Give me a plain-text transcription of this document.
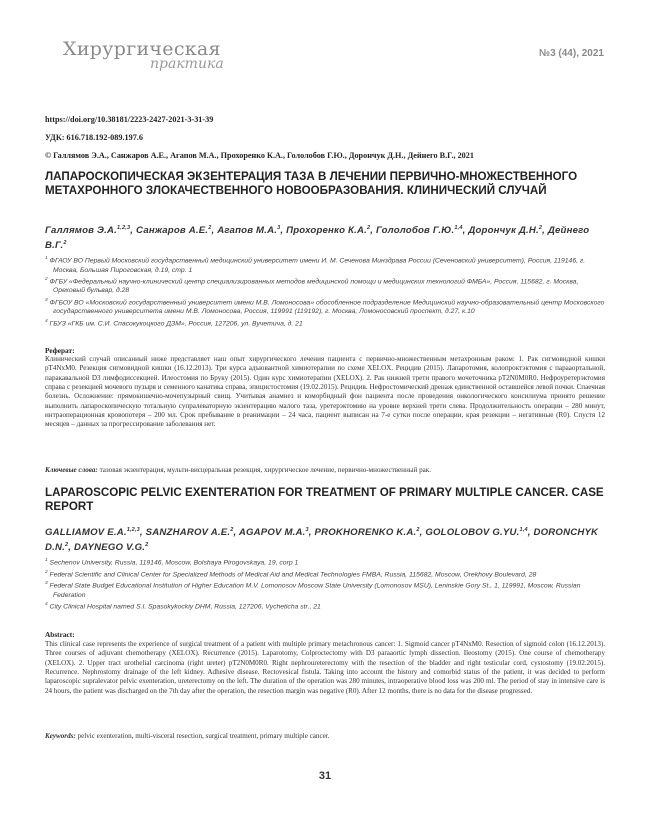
Хирургическая
практика
№3 (44), 2021
https://doi.org/10.38181/2223-2427-2021-3-31-39
УДК: 616.718.192-089.197.6
© Галлямов Э.А., Санжаров А.Е., Агапов М.А., Прохоренко К.А., Гололобов Г.Ю., Дорончук Д.Н., Дейнего В.Г., 2021
ЛАПАРОСКОПИЧЕСКАЯ ЭКЗЕНТЕРАЦИЯ ТАЗА В ЛЕЧЕНИИ ПЕРВИЧНО-МНОЖЕСТВЕННОГО МЕТАХРОННОГО ЗЛОКАЧЕСТВЕННОГО НОВООБРАЗОВАНИЯ. КЛИНИЧЕСКИЙ СЛУЧАЙ
Галлямов Э.А.$^{1,2,3}$, Санжаров А.Е.$^2$, Агапов М.А.$^3$, Прохоренко К.А.$^2$, Гололобов Г.Ю.$^{1,4}$, Дорончук Д.Н.$^2$, Дейнего В.Г.$^2$

$^1$ ФГАОУ ВО Первый Московский государственный медицинский университет имени И. М. Сеченова Минздрава России (Сеченовский университет), Россия, 119146, г. Москва, Большая Пироговская, д.19, стр. 1

$^2$ ФГБУ «Федеральный научно-клинический центр специализированных методов медицинской помощи и медицинских технологий ФМБА», Россия, 115682, г. Москва, Ореховый бульвар, д.28

$^3$ ФГБОУ ВО «Московский государственный университет имени М.В. Ломоносова» обособленное подразделение Медицинский научно-образовательный центр Московского государственного университета имени М.В. Ломоносова, Россия, 119991 (119192), г. Москва, Ломоносовский проспект, д.27, к.10

$^4$ ГБУЗ «ГКБ им. С.И. Спасокукоцкого ДЗМ», Россия, 127206, ул. Вучетича, д. 21

Реферат:
Клинический случай описанный ниже представляет наш опыт хирургического лечения пациента с первично-множественным метахронным раком: 1. Рак сигмовидной кишки pT4NxM0. Резекция сигмовидной кишки (16.12.2013). Три курса адъювантной химиотерапии по схеме XELOX. Рецидив (2015). Лапаротомия, колопроктэктомия с парааортальной, паракавальной D3 лимфодиссекцией. Илеостомия по Бруку (2015). Один курс химиотерапии (XELOX). 2. Рак нижней трети правого мочеточника pT2N0M0R0. Нефроуретерэктомия справа с резекцией мочевого пузыря и семенного канатика справа, эпицистостомия (19.02.2015). Рецидив. Нефростомический дренаж единственной оставшейся левой почки. Спаечная болезнь. Осложнение: прямокишечно-мочепузырный свищ. Учитывая анамнез и коморбидный фон пациента после проведения онкологического консилиума принято решение выполнить лапароскопическую тотальную супралеваторную экзентерацию малого таза, уретерэктомию на уровне верхней трети слева. Продолжительность операции – 280 минут, интраоперационная кровопотеря – 200 мл. Срок пребывание в реанимации – 24 часа, пациент выписан на 7-е сутки после операции, края резекции – негативные (R0). Спустя 12 месяцев – данных за прогрессирование заболевания нет.
Ключевые слова: тазовая экзентерация, мульти-висцеральная резекция, хирургическое лечение, первично-множественный рак.
LAPAROSCOPIC PELVIC EXENTERATION FOR TREATMENT OF PRIMARY MULTIPLE CANCER. CASE REPORT
GALLIAMOV E.A.$^{1,2,3}$, SANZHAROV A.E.$^2$, AGAPOV M.A.$^3$, PROKHORENKO K.A.$^2$, GOLOLOBOV G.YU.$^{1,4}$, DORONCHYK D.N.$^2$, DAYNEGO V.G.$^2$

$^1$ Sechenov University, Russia, 119146, Moscow, Bolshaya Pirogovskaya, 19, corp 1

$^2$ Federal Scientific and Clinical Center for Specialized Methods of Medical Aid and Medical Technologies FMBA, Russia, 115682, Moscow, Orekhovy Boulevard, 28

$^3$ Federal State Budget Educational Institution of Higher Education M.V. Lomonosov Moscow State University (Lomonosov MSU), Leninskie Gory St., 1, 119991, Moscow, Russian Federation

$^4$ City Clinical Hospital named S.I. Spasokykockiy DHM, Russia, 127206, Vycheticha str., 21

Abstract:
This clinical case represents the experience of surgical treatment of a patient with multiple primary metachronous cancer: 1. Sigmoid cancer pT4NxM0. Resection of sigmoid colon (16.12.2013). Three courses of adjuvant chemotherapy (XELOX). Recurrence (2015). Laparotomy, Colproctectomy with D3 paraaortic lymph dissection. Ileostomy (2015). One course of chemotherapy (XELOX). 2. Upper tract urothelial carcinoma (right ureter) pT2N0M0R0. Right nephroureterectomy with the resection of the bladder and right testicular cord, cystostomy (19.02.2015). Recurrence. Nephrostomy drainage of the left kidney. Adhesive disease. Rectovesical fistula. Taking into account the history and comorbid status of the patient, it was decided to perform laparoscopic supralevator pelvic exenteration, ureterectomy on the left. The duration of the operation was 280 minutes, intraoperative blood loss was 200 ml. The period of stay in intensive care is 24 hours, the patient was discharged on the 7th day after the operation, the resection margin was negative (R0). After 12 months, there is no data for the disease progressed.
Keywords: pelvic exenteration, multi-visceral resection, surgical treatment, primary multiple cancer.
31
